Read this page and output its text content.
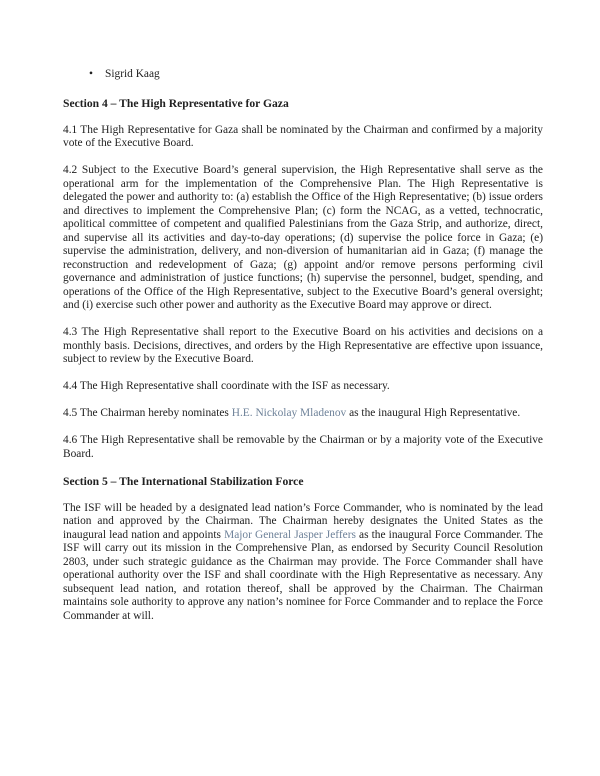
•	Sigrid Kaag
Section 4 – The High Representative for Gaza

4.1 The High Representative for Gaza shall be nominated by the Chairman and confirmed by a majority vote of the Executive Board.

4.2 Subject to the Executive Board’s general supervision, the High Representative shall serve as the operational arm for the implementation of the Comprehensive Plan. The High Representative is delegated the power and authority to: (a) establish the Office of the High Representative; (b) issue orders and directives to implement the Comprehensive Plan; (c) form the NCAG, as a vetted, technocratic, apolitical committee of competent and qualified Palestinians from the Gaza Strip, and authorize, direct, and supervise all its activities and day-to-day operations; (d) supervise the police force in Gaza; (e) supervise the administration, delivery, and non-diversion of humanitarian aid in Gaza; (f) manage the reconstruction and redevelopment of Gaza; (g) appoint and/or remove persons performing civil governance and administration of justice functions; (h) supervise the personnel, budget, spending, and operations of the Office of the High Representative, subject to the Executive Board’s general oversight; and (i) exercise such other power and authority as the Executive Board may approve or direct.

4.3 The High Representative shall report to the Executive Board on his activities and decisions on a monthly basis. Decisions, directives, and orders by the High Representative are effective upon issuance, subject to review by the Executive Board.

4.4 The High Representative shall coordinate with the ISF as necessary.

4.5 The Chairman hereby nominates H.E. Nickolay Mladenov as the inaugural High Representative.

4.6 The High Representative shall be removable by the Chairman or by a majority vote of the Executive Board.

Section 5 – The International Stabilization Force

The ISF will be headed by a designated lead nation’s Force Commander, who is nominated by the lead nation and approved by the Chairman. The Chairman hereby designates the United States as the inaugural lead nation and appoints Major General Jasper Jeffers as the inaugural Force Commander. The ISF will carry out its mission in the Comprehensive Plan, as endorsed by Security Council Resolution 2803, under such strategic guidance as the Chairman may provide. The Force Commander shall have operational authority over the ISF and shall coordinate with the High Representative as necessary. Any subsequent lead nation, and rotation thereof, shall be approved by the Chairman. The Chairman maintains sole authority to approve any nation’s nominee for Force Commander and to replace the Force Commander at will.
